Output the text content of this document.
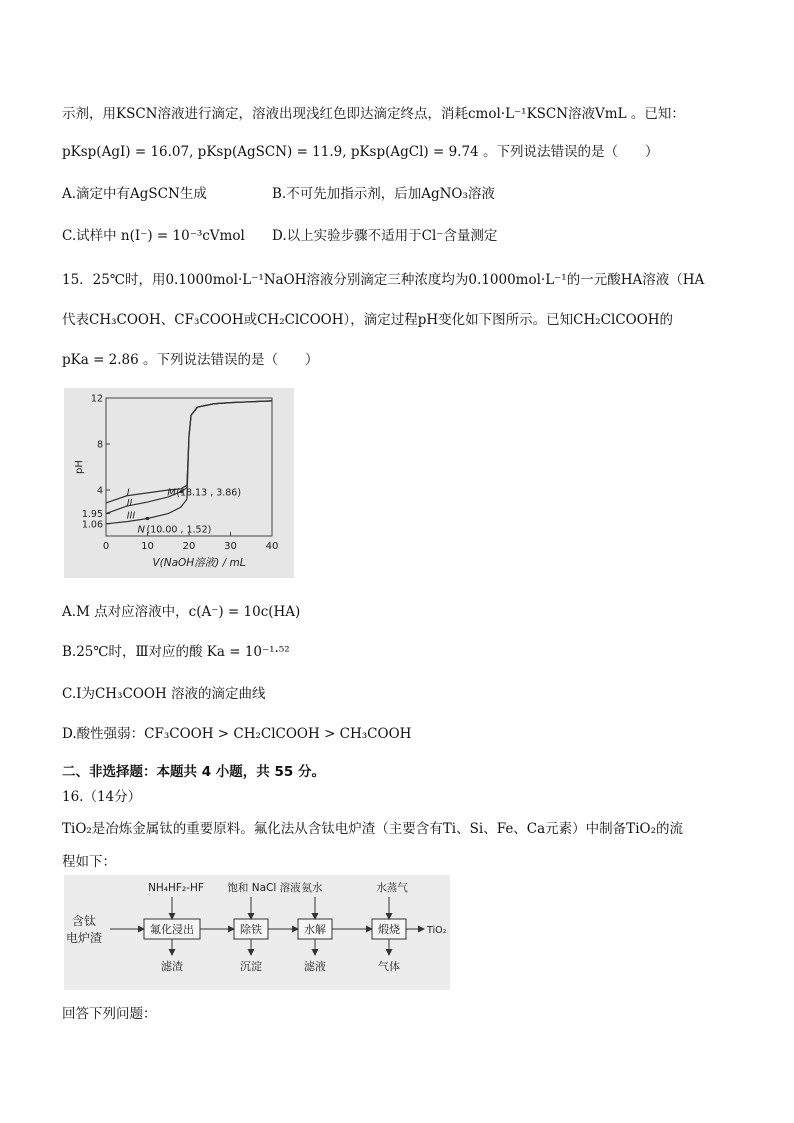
示剂，用KSCN溶液进行滴定，溶液出现浅红色即达滴定终点，消耗cmol·L⁻¹KSCN溶液VmL 。已知：
pKsp(AgI) = 16.07, pKsp(AgSCN) = 11.9, pKsp(AgCl) = 9.74 。下列说法错误的是（　　）
A.滴定中有AgSCN生成	B.不可先加指示剂，后加AgNO₃溶液
C.试样中 n(I⁻) = 10⁻³cVmol D.以上实验步骤不适用于Cl⁻含量测定
15．25℃时，用0.1000mol·L⁻¹NaOH溶液分别滴定三种浓度均为0.1000mol·L⁻¹的一元酸HA溶液（HA
代表CH₃COOH、CF₃COOH或CH₂ClCOOH），滴定过程pH变化如下图所示。已知CH₂ClCOOH的
pKa = 2.86 。下列说法错误的是（　　）
0	10	20	30	40
1.06
1.95
4
8
12
pH
V(NaOH溶液) / mL
I
II
III
M (18.13 , 3.86)
N (10.00 , 1.52)
A.M 点对应溶液中，c(A⁻) = 10c(HA)
B.25℃时，Ⅲ对应的酸 Ka = 10⁻¹·⁵²
C.Ⅰ为CH₃COOH 溶液的滴定曲线
D.酸性强弱：CF₃COOH > CH₂ClCOOH > CH₃COOH
二、非选择题：本题共 4 小题，共 55 分。
16.（14分）
TiO₂是冶炼金属钛的重要原料。氟化法从含钛电炉渣（主要含有Ti、Si、Fe、Ca元素）中制备TiO₂的流
程如下：
含钛
电炉渣
氟化浸出
滤渣
除铁
沉淀
水解
滤液
煅烧
气体
NH₄HF₂-HF 饱和 NaCl 溶液 氨水	水蒸气
TiO₂
回答下列问题：
